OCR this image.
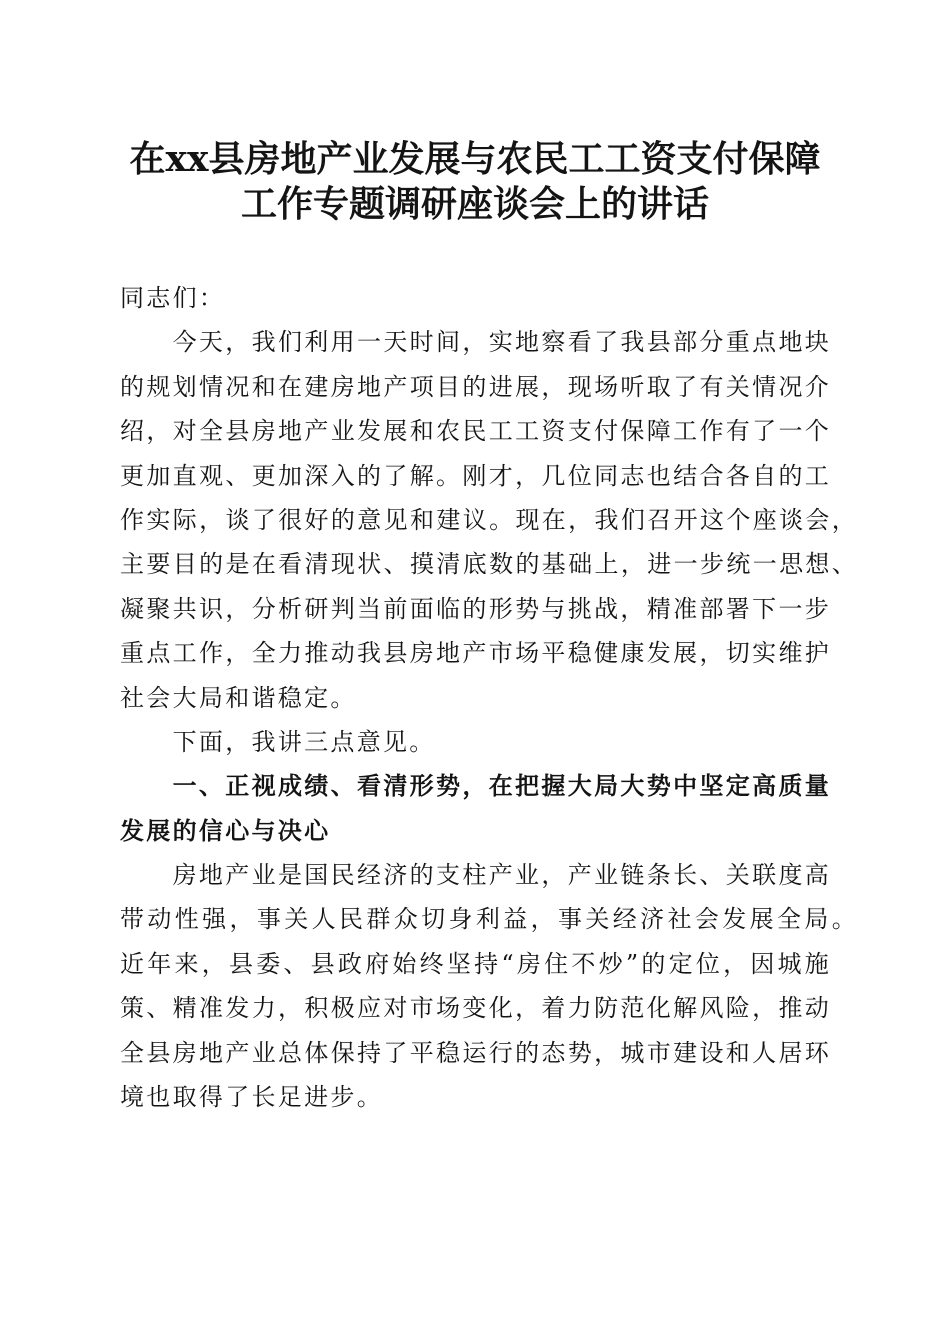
在xx县房地产业发展与农民工工资支付保障
工作专题调研座谈会上的讲话
同志们：
今天，我们利用一天时间，实地察看了我县部分重点地块
的规划情况和在建房地产项目的进展，现场听取了有关情况介
绍，对全县房地产业发展和农民工工资支付保障工作有了一个
更加直观、更加深入的了解。刚才，几位同志也结合各自的工
作实际，谈了很好的意见和建议。现在，我们召开这个座谈会，
主要目的是在看清现状、摸清底数的基础上，进一步统一思想、
凝聚共识，分析研判当前面临的形势与挑战，精准部署下一步
重点工作，全力推动我县房地产市场平稳健康发展，切实维护
社会大局和谐稳定。
下面，我讲三点意见。
一、正视成绩、看清形势，在把握大局大势中坚定高质量
发展的信心与决心
房地产业是国民经济的支柱产业，产业链条长、关联度高
带动性强，事关人民群众切身利益，事关经济社会发展全局。
近年来，县委、县政府始终坚持“房住不炒”的定位，因城施
策、精准发力，积极应对市场变化，着力防范化解风险，推动
全县房地产业总体保持了平稳运行的态势，城市建设和人居环
境也取得了长足进步。
